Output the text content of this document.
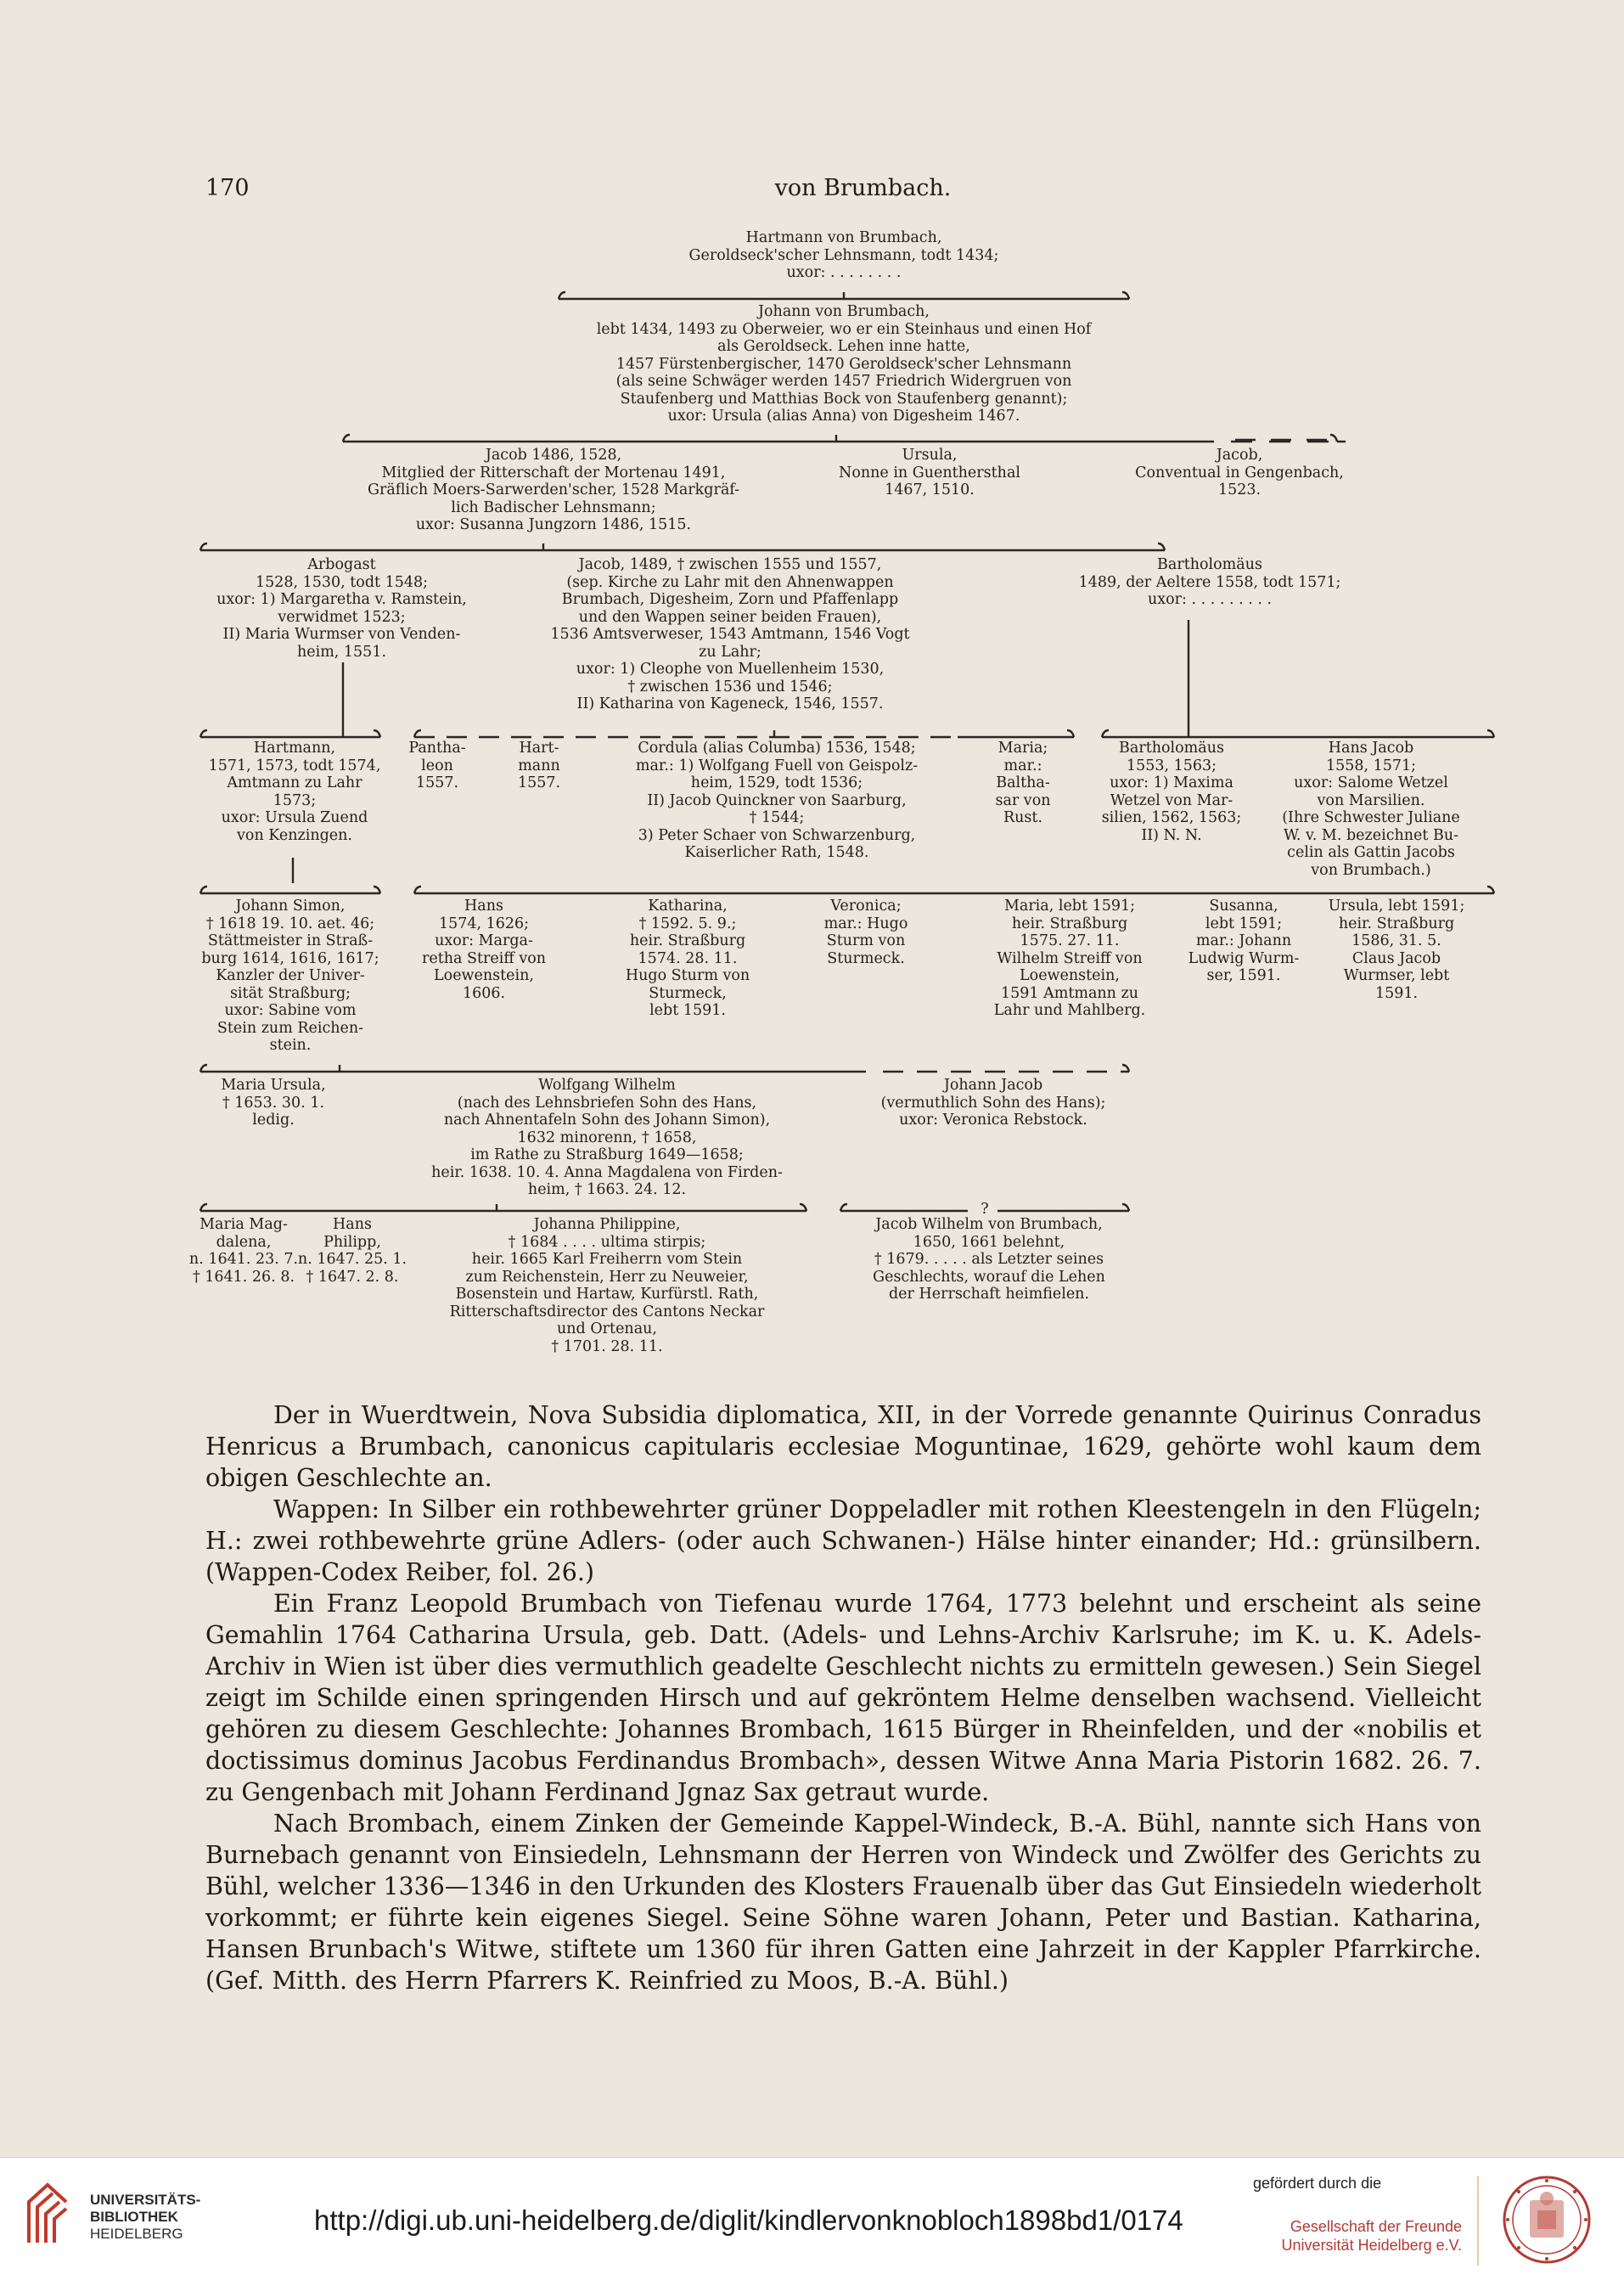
170	von Brumbach.
Hartmann von Brumbach,
Geroldseck'scher Lehnsmann, todt 1434;
uxor: . . . . . . . .
Johann von Brumbach,
lebt 1434, 1493 zu Oberweier, wo er ein Steinhaus und einen Hof
als Geroldseck. Lehen inne hatte,
1457 Fürstenbergischer, 1470 Geroldseck'scher Lehnsmann
(als seine Schwäger werden 1457 Friedrich Widergruen von
Staufenberg und Matthias Bock von Staufenberg genannt);
uxor: Ursula (alias Anna) von Digesheim 1467.
Jacob 1486, 1528,
Mitglied der Ritterschaft der Mortenau 1491,
Gräflich Moers-Sarwerden'scher, 1528 Markgräf-
lich Badischer Lehnsmann;
uxor: Susanna Jungzorn 1486, 1515.
Ursula,
Nonne in Guenthersthal
1467, 1510.
Jacob,
Conventual in Gengenbach,
1523.
Arbogast
1528, 1530, todt 1548;
uxor: 1) Margaretha v. Ramstein,
verwidmet 1523;
II) Maria Wurmser von Venden-
heim, 1551.
Jacob, 1489, † zwischen 1555 und 1557,
(sep. Kirche zu Lahr mit den Ahnenwappen
Brumbach, Digesheim, Zorn und Pfaffenlapp
und den Wappen seiner beiden Frauen),
1536 Amtsverweser, 1543 Amtmann, 1546 Vogt
zu Lahr;
uxor: 1) Cleophe von Muellenheim 1530,
† zwischen 1536 und 1546;
II) Katharina von Kageneck, 1546, 1557.
Bartholomäus
1489, der Aeltere 1558, todt 1571;
uxor: . . . . . . . . .
Hartmann,
1571, 1573, todt 1574,
Amtmann zu Lahr
1573;
uxor: Ursula Zuend
von Kenzingen.
Pantha-
leon
1557.
Hart-
mann
1557.
Cordula (alias Columba) 1536, 1548;
mar.: 1) Wolfgang Fuell von Geispolz-
heim, 1529, todt 1536;
II) Jacob Quinckner von Saarburg,
† 1544;
3) Peter Schaer von Schwarzenburg,
Kaiserlicher Rath, 1548.
Maria;
mar.:
Baltha-
sar von
Rust.
Bartholomäus
1553, 1563;
uxor: 1) Maxima
Wetzel von Mar-
silien, 1562, 1563;
II) N. N.
Hans Jacob
1558, 1571;
uxor: Salome Wetzel
von Marsilien.
(Ihre Schwester Juliane
W. v. M. bezeichnet Bu-
celin als Gattin Jacobs
von Brumbach.)
Johann Simon,
† 1618 19. 10. aet. 46;
Stättmeister in Straß-
burg 1614, 1616, 1617;
Kanzler der Univer-
sität Straßburg;
uxor: Sabine vom
Stein zum Reichen-
stein.
Hans
1574, 1626;
uxor: Marga-
retha Streiff von
Loewenstein,
1606.
Katharina,
† 1592. 5. 9.;
heir. Straßburg
1574. 28. 11.
Hugo Sturm von
Sturmeck,
lebt 1591.
Veronica;
mar.: Hugo
Sturm von
Sturmeck.
Maria, lebt 1591;
heir. Straßburg
1575. 27. 11.
Wilhelm Streiff von
Loewenstein,
1591 Amtmann zu
Lahr und Mahlberg.
Susanna,
lebt 1591;
mar.: Johann
Ludwig Wurm-
ser, 1591.
Ursula, lebt 1591;
heir. Straßburg
1586, 31. 5.
Claus Jacob
Wurmser, lebt
1591.
Maria Ursula,
† 1653. 30. 1.
ledig.
Wolfgang Wilhelm
(nach des Lehnsbriefen Sohn des Hans,
nach Ahnentafeln Sohn des Johann Simon),
1632 minorenn, † 1658,
im Rathe zu Straßburg 1649—1658;
heir. 1638. 10. 4. Anna Magdalena von Firden-
heim, † 1663. 24. 12.
Johann Jacob
(vermuthlich Sohn des Hans);
uxor: Veronica Rebstock.
Maria Mag-
dalena,
n. 1641. 23. 7.
† 1641. 26. 8.
Hans
Philipp,
n. 1647. 25. 1.
† 1647. 2. 8.
Johanna Philippine,
† 1684 . . . . ultima stirpis;
heir. 1665 Karl Freiherrn vom Stein
zum Reichenstein, Herr zu Neuweier,
Bosenstein und Hartaw, Kurfürstl. Rath,
Ritterschaftsdirector des Cantons Neckar
und Ortenau,
† 1701. 28. 11.
?
Jacob Wilhelm von Brumbach,
1650, 1661 belehnt,
† 1679. . . . . als Letzter seines
Geschlechts, worauf die Lehen
der Herrschaft heimfielen.

Der in Wuerdtwein, Nova Subsidia diplomatica, XII, in der Vorrede genannte Quirinus Conradus Henricus a Brumbach, canonicus capitularis ecclesiae Moguntinae, 1629, gehörte wohl kaum dem obigen Geschlechte an.

Wappen: In Silber ein rothbewehrter grüner Doppeladler mit rothen Kleestengeln in den Flügeln; H.: zwei rothbewehrte grüne Adlers- (oder auch Schwanen-) Hälse hinter einander; Hd.: grünsilbern. (Wappen-Codex Reiber, fol. 26.)

Ein Franz Leopold Brumbach von Tiefenau wurde 1764, 1773 belehnt und erscheint als seine Gemahlin 1764 Catharina Ursula, geb. Datt. (Adels- und Lehns-Archiv Karlsruhe; im K. u. K. Adels-Archiv in Wien ist über dies vermuthlich geadelte Geschlecht nichts zu ermitteln gewesen.) Sein Siegel zeigt im Schilde einen springenden Hirsch und auf gekröntem Helme denselben wachsend. Vielleicht gehören zu diesem Geschlechte: Johannes Brombach, 1615 Bürger in Rheinfelden, und der «nobilis et doctissimus dominus Jacobus Ferdinandus Brombach», dessen Witwe Anna Maria Pistorin 1682. 26. 7. zu Gengenbach mit Johann Ferdinand Jgnaz Sax getraut wurde.

Nach Brombach, einem Zinken der Gemeinde Kappel-Windeck, B.-A. Bühl, nannte sich Hans von Burnebach genannt von Einsiedeln, Lehnsmann der Herren von Windeck und Zwölfer des Gerichts zu Bühl, welcher 1336—1346 in den Urkunden des Klosters Frauenalb über das Gut Einsiedeln wiederholt vorkommt; er führte kein eigenes Siegel. Seine Söhne waren Johann, Peter und Bastian. Katharina, Hansen Brunbach's Witwe, stiftete um 1360 für ihren Gatten eine Jahrzeit in der Kappler Pfarrkirche. (Gef. Mitth. des Herrn Pfarrers K. Reinfried zu Moos, B.-A. Bühl.)

UNIVERSITÄTS-
BIBLIOTHEK
HEIDELBERG	http://digi.ub.uni-heidelberg.de/diglit/kindlervonknobloch1898bd1/0174
gefördert durch die
Gesellschaft der Freunde
Universität Heidelberg e.V.
